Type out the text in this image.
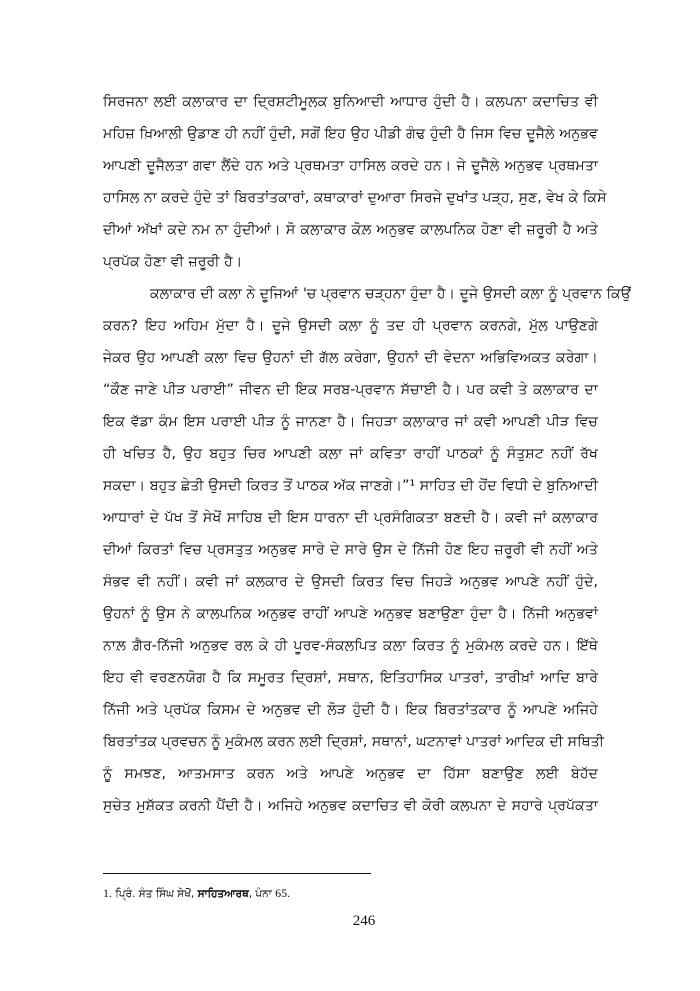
ਸਿਰਜਨਾ ਲਈ ਕਲਾਕਾਰ ਦਾ ਦ੍ਰਿਸ਼ਟੀਮੂਲਕ ਬੁਨਿਆਦੀ ਆਧਾਰ ਹੁੰਦੀ ਹੈ। ਕਲਪਨਾ ਕਦਾਚਿਤ ਵੀ
ਮਹਿਜ਼ ਖ਼ਿਆਲੀ ਉਡਾਣ ਹੀ ਨਹੀਂ ਹੁੰਦੀ, ਸਗੋਂ ਇਹ ਉਹ ਪੀਡੀ ਗੰਢ ਹੁੰਦੀ ਹੈ ਜਿਸ ਵਿਚ ਦੂਜੈਲੇ ਅਨੁਭਵ
ਆਪਣੀ ਦੂਜੈਲਤਾ ਗਵਾ ਲੈਂਦੇ ਹਨ ਅਤੇ ਪ੍ਰਥਮਤਾ ਹਾਸਿਲ ਕਰਦੇ ਹਨ। ਜੇ ਦੂਜੈਲੇ ਅਨੁਭਵ ਪ੍ਰਥਮਤਾ
ਹਾਸਿਲ ਨਾ ਕਰਦੇ ਹੁੰਦੇ ਤਾਂ ਬਿਰਤਾਂਤਕਾਰਾਂ, ਕਥਾਕਾਰਾਂ ਦੁਆਰਾ ਸਿਰਜੇ ਦੁਖਾਂਤ ਪੜ੍ਹ, ਸੁਣ, ਵੇਖ ਕੇ ਕਿਸੇ
ਦੀਆਂ ਅੱਖਾਂ ਕਦੇ ਨਮ ਨਾ ਹੁੰਦੀਆਂ। ਸੋ ਕਲਾਕਾਰ ਕੋਲ਼ ਅਨੁਭਵ ਕਾਲਪਨਿਕ ਹੋਣਾ ਵੀ ਜ਼ਰੂਰੀ ਹੈ ਅਤੇ
ਪ੍ਰਪੱਕ ਹੋਣਾ ਵੀ ਜ਼ਰੂਰੀ ਹੈ।
ਕਲਾਕਾਰ ਦੀ ਕਲਾ ਨੇ ਦੂਜਿਆਂ 'ਚ ਪ੍ਰਵਾਨ ਚੜ੍ਹਨਾ ਹੁੰਦਾ ਹੈ। ਦੂਜੇ ਉਸਦੀ ਕਲਾ ਨੂੰ ਪ੍ਰਵਾਨ ਕਿਉਂ
ਕਰਨ? ਇਹ ਅਹਿਮ ਮੁੱਦਾ ਹੈ। ਦੂਜੇ ਉਸਦੀ ਕਲਾ ਨੂੰ ਤਦ ਹੀ ਪ੍ਰਵਾਨ ਕਰਨਗੇ, ਮੁੱਲ ਪਾਉਣਗੇ
ਜੇਕਰ ਉਹ ਆਪਣੀ ਕਲਾ ਵਿਚ ਉਹਨਾਂ ਦੀ ਗੱਲ ਕਰੇਗਾ, ਉਹਨਾਂ ਦੀ ਵੇਦਨਾ ਅਭਿਵਿਅਕਤ ਕਰੇਗਾ।
“ਕੌਣ ਜਾਣੇ ਪੀੜ ਪਰਾਈ” ਜੀਵਨ ਦੀ ਇਕ ਸਰਬ-ਪ੍ਰਵਾਨ ਸੱਚਾਈ ਹੈ। ਪਰ ਕਵੀ ਤੇ ਕਲਾਕਾਰ ਦਾ
ਇਕ ਵੱਡਾ ਕੰਮ ਇਸ ਪਰਾਈ ਪੀੜ ਨੂੰ ਜਾਨਣਾ ਹੈ। ਜਿਹੜਾ ਕਲਾਕਾਰ ਜਾਂ ਕਵੀ ਆਪਣੀ ਪੀੜ ਵਿਚ
ਹੀ ਖਚਿਤ ਹੈ, ਉਹ ਬਹੁਤ ਚਿਰ ਆਪਣੀ ਕਲਾ ਜਾਂ ਕਵਿਤਾ ਰਾਹੀਂ ਪਾਠਕਾਂ ਨੂੰ ਸੰਤੁਸ਼ਟ ਨਹੀਂ ਰੱਖ
ਸਕਦਾ। ਬਹੁਤ ਛੇਤੀ ਉਸਦੀ ਕਿਰਤ ਤੋਂ ਪਾਠਕ ਅੱਕ ਜਾਣਗੇ।”¹ ਸਾਹਿਤ ਦੀ ਹੋਂਦ ਵਿਧੀ ਦੇ ਬੁਨਿਆਦੀ
ਆਧਾਰਾਂ ਦੇ ਪੱਖ ਤੋਂ ਸੇਖੋਂ ਸਾਹਿਬ ਦੀ ਇਸ ਧਾਰਨਾ ਦੀ ਪ੍ਰਸੰਗਿਕਤਾ ਬਣਦੀ ਹੈ। ਕਵੀ ਜਾਂ ਕਲਾਕਾਰ
ਦੀਆਂ ਕਿਰਤਾਂ ਵਿਚ ਪ੍ਰਸਤੁਤ ਅਨੁਭਵ ਸਾਰੇ ਦੇ ਸਾਰੇ ਉਸ ਦੇ ਨਿੱਜੀ ਹੋਣ ਇਹ ਜ਼ਰੂਰੀ ਵੀ ਨਹੀਂ ਅਤੇ
ਸੰਭਵ ਵੀ ਨਹੀਂ। ਕਵੀ ਜਾਂ ਕਲਕਾਰ ਦੇ ਉਸਦੀ ਕਿਰਤ ਵਿਚ ਜਿਹੜੇ ਅਨੁਭਵ ਆਪਣੇ ਨਹੀਂ ਹੁੰਦੇ,
ਉਹਨਾਂ ਨੂੰ ਉਸ ਨੇ ਕਾਲਪਨਿਕ ਅਨੁਭਵ ਰਾਹੀਂ ਆਪਣੇ ਅਨੁਭਵ ਬਣਾਉਣਾ ਹੁੰਦਾ ਹੈ। ਨਿੱਜੀ ਅਨੁਭਵਾਂ
ਨਾਲ਼ ਗ਼ੈਰ-ਨਿੱਜੀ ਅਨੁਭਵ ਰਲ ਕੇ ਹੀ ਪੂਰਵ-ਸੰਕਲਪਿਤ ਕਲਾ ਕਿਰਤ ਨੂੰ ਮੁਕੰਮਲ ਕਰਦੇ ਹਨ। ਇੱਥੇ
ਇਹ ਵੀ ਵਰਣਨਯੋਗ ਹੈ ਕਿ ਸਮੂਰਤ ਦ੍ਰਿਸ਼ਾਂ, ਸਥਾਨ, ਇਤਿਹਾਸਿਕ ਪਾਤਰਾਂ, ਤਾਰੀਖ਼ਾਂ ਆਦਿ ਬਾਰੇ
ਨਿੱਜੀ ਅਤੇ ਪ੍ਰਪੱਕ ਕਿਸਮ ਦੇ ਅਨੁਭਵ ਦੀ ਲੋੜ ਹੁੰਦੀ ਹੈ। ਇਕ ਬਿਰਤਾਂਤਕਾਰ ਨੂੰ ਆਪਣੇ ਅਜਿਹੇ
ਬਿਰਤਾਂਤਕ ਪ੍ਰਵਚਨ ਨੂੰ ਮੁਕੰਮਲ ਕਰਨ ਲਈ ਦ੍ਰਿਸ਼ਾਂ, ਸਥਾਨਾਂ, ਘਟਨਾਵਾਂ ਪਾਤਰਾਂ ਆਦਿਕ ਦੀ ਸਥਿਤੀ
ਨੂੰ ਸਮਝਣ, ਆਤਮਸਾਤ ਕਰਨ ਅਤੇ ਆਪਣੇ ਅਨੁਭਵ ਦਾ ਹਿੱਸਾ ਬਣਾਉਣ ਲਈ ਬੇਹੱਦ
ਸੁਚੇਤ ਮੁਸ਼ੱਕਤ ਕਰਨੀ ਪੈਂਦੀ ਹੈ। ਅਜਿਹੇ ਅਨੁਭਵ ਕਦਾਚਿਤ ਵੀ ਕੋਰੀ ਕਲਪਨਾ ਦੇ ਸਹਾਰੇ ਪ੍ਰਪੱਕਤਾ
1. ਪ੍ਰਿੰ. ਸੰਤ ਸਿੰਘ ਸੇਖੋਂ, ਸਾਹਿਤਆਰਥ, ਪੰਨਾ 65.
246
